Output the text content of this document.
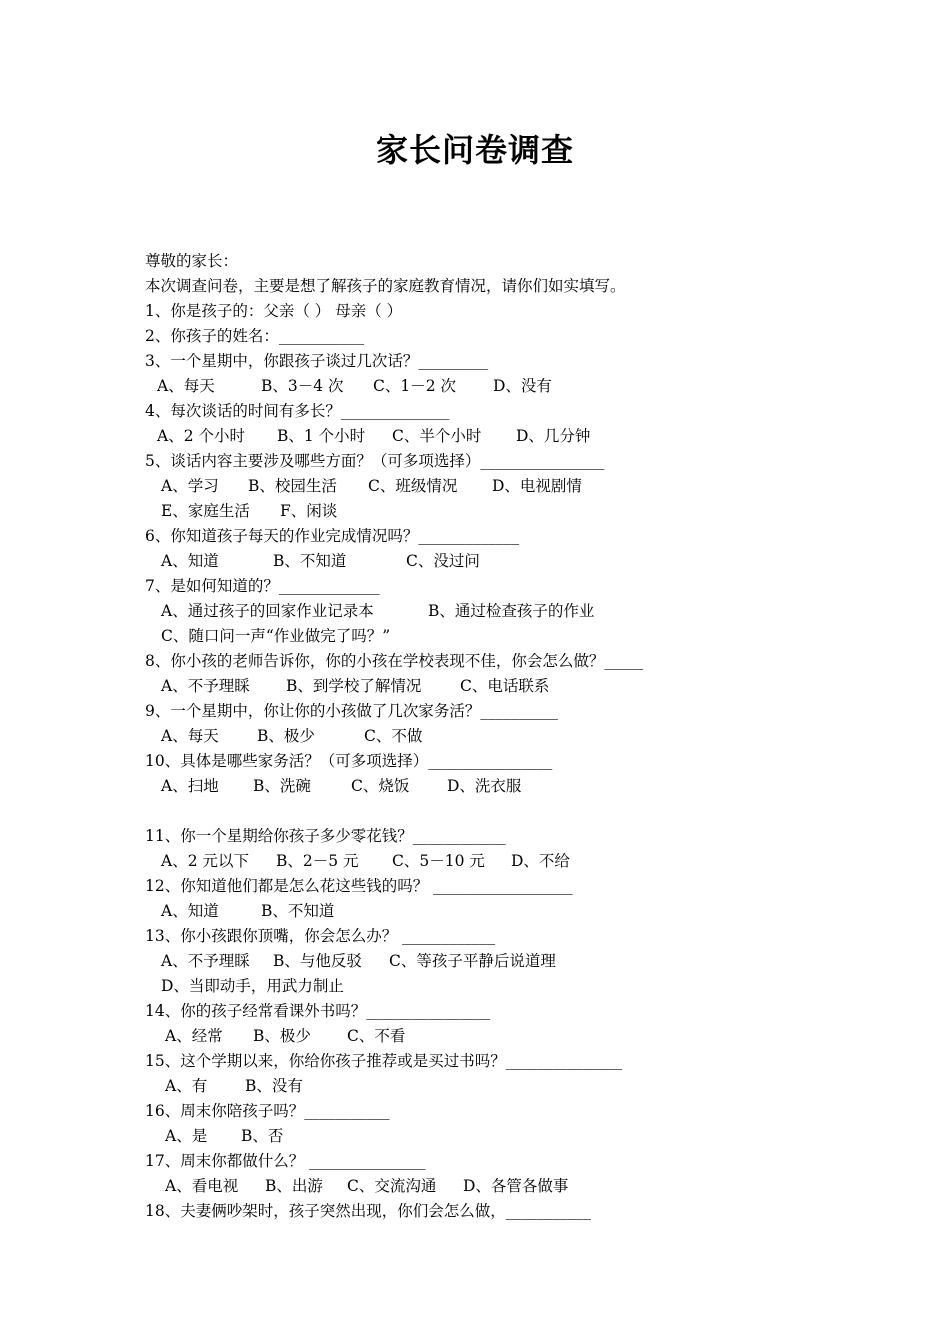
家长问卷调查
尊敬的家长：
本次调查问卷，主要是想了解孩子的家庭教育情况，请你们如实填写。
1、你是孩子的：父亲（ ） 母亲（ ）
2、你孩子的姓名：___________
3、一个星期中，你跟孩子谈过几次话？_________
A、每天	B、3－4 次	C、1－2 次	D、没有
4、每次谈话的时间有多长？______________
A、2 个小时	B、1 个小时	C、半个小时	D、几分钟
5、谈话内容主要涉及哪些方面？（可多项选择）________________
A、学习	B、校园生活	C、班级情况	D、电视剧情
E、家庭生活	F、闲谈
6、你知道孩子每天的作业完成情况吗？_____________
A、知道	B、不知道	C、没过问
7、是如何知道的？_____________
A、通过孩子的回家作业记录本	B、通过检查孩子的作业
C、随口问一声“作业做完了吗？”
8、你小孩的老师告诉你，你的小孩在学校表现不佳，你会怎么做？_____
A、不予理睬	B、到学校了解情况	C、电话联系
9、一个星期中，你让你的小孩做了几次家务活？__________
A、每天	B、极少	C、不做
10、具体是哪些家务活？（可多项选择）________________
A、扫地	B、洗碗	C、烧饭	D、洗衣服
11、你一个星期给你孩子多少零花钱？____________
A、2 元以下	B、2－5 元	C、5－10 元	D、不给
12、你知道他们都是怎么花这些钱的吗？ __________________
A、知道	B、不知道
13、你小孩跟你顶嘴，你会怎么办？ ____________
A、不予理睬	B、与他反驳	C、等孩子平静后说道理
D、当即动手，用武力制止
14、你的孩子经常看课外书吗？________________
A、经常	B、极少	C、不看
15、这个学期以来，你给你孩子推荐或是买过书吗？_______________
A、有	B、没有
16、周末你陪孩子吗？___________
A、是	B、否
17、周末你都做什么？ _______________
A、看电视	B、出游	C、交流沟通	D、各管各做事
18、夫妻俩吵架时，孩子突然出现，你们会怎么做，___________
